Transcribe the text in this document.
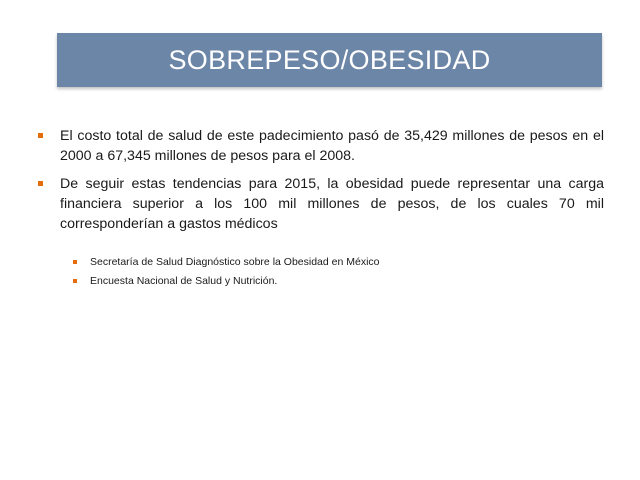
SOBREPESO/OBESIDAD
El costo total de salud de este padecimiento pasó de 35,429 millones de pesos en el 2000 a 67,345 millones de pesos para el 2008.
De seguir estas tendencias para 2015, la obesidad puede representar una carga financiera superior a los 100 mil millones de pesos, de los cuales 70 mil corresponderían a gastos médicos
Secretaría de Salud Diagnóstico sobre la Obesidad en México
Encuesta Nacional de Salud y Nutrición.
